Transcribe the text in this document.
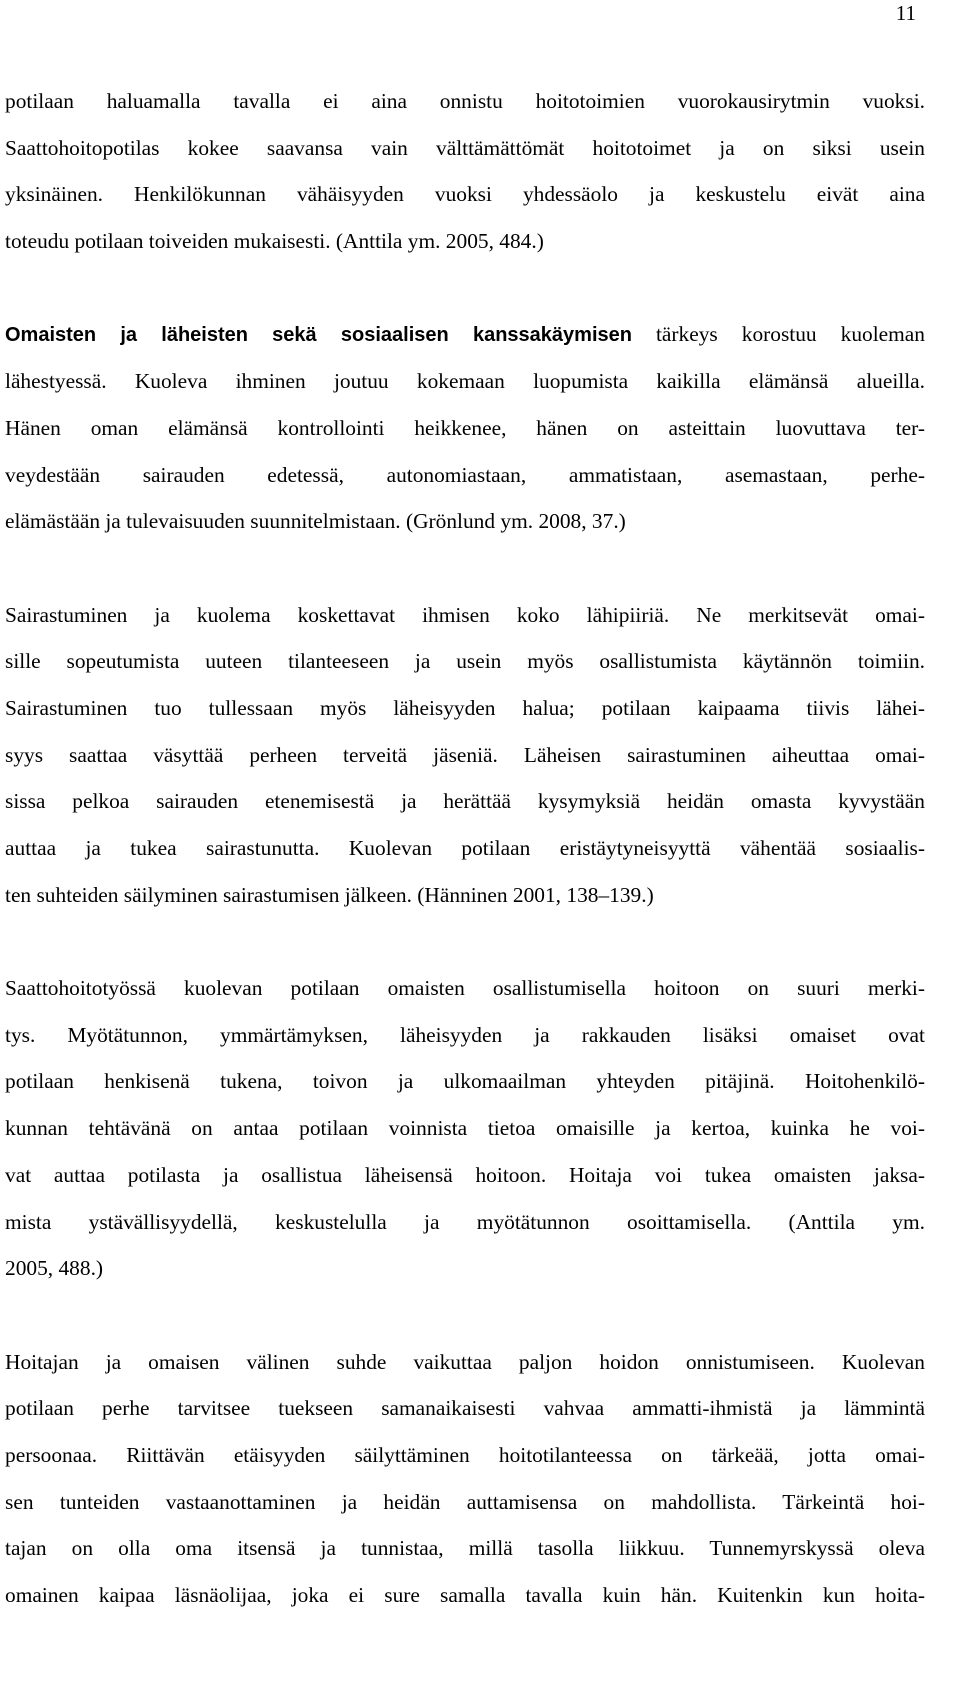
11
potilaan haluamalla tavalla ei aina onnistu hoitotoimien vuorokausirytmin vuoksi.
Saattohoitopotilas kokee saavansa vain välttämättömät hoitotoimet ja on siksi usein
yksinäinen. Henkilökunnan vähäisyyden vuoksi yhdessäolo ja keskustelu eivät aina
toteudu potilaan toiveiden mukaisesti. (Anttila ym. 2005, 484.)
Omaisten ja läheisten sekä sosiaalisen kanssakäymisen tärkeys korostuu kuoleman
lähestyessä. Kuoleva ihminen joutuu kokemaan luopumista kaikilla elämänsä alueilla.
Hänen oman elämänsä kontrollointi heikkenee, hänen on asteittain luovuttava ter-
veydestään sairauden edetessä, autonomiastaan, ammatistaan, asemastaan, perhe-
elämästään ja tulevaisuuden suunnitelmistaan. (Grönlund ym. 2008, 37.)
Sairastuminen ja kuolema koskettavat ihmisen koko lähipiiriä. Ne merkitsevät omai-
sille sopeutumista uuteen tilanteeseen ja usein myös osallistumista käytännön toimiin.
Sairastuminen tuo tullessaan myös läheisyyden halua; potilaan kaipaama tiivis lähei-
syys saattaa väsyttää perheen terveitä jäseniä. Läheisen sairastuminen aiheuttaa omai-
sissa pelkoa sairauden etenemisestä ja herättää kysymyksiä heidän omasta kyvystään
auttaa ja tukea sairastunutta. Kuolevan potilaan eristäytyneisyyttä vähentää sosiaalis-
ten suhteiden säilyminen sairastumisen jälkeen. (Hänninen 2001, 138–139.)
Saattohoitotyössä kuolevan potilaan omaisten osallistumisella hoitoon on suuri merki-
tys. Myötätunnon, ymmärtämyksen, läheisyyden ja rakkauden lisäksi omaiset ovat
potilaan henkisenä tukena, toivon ja ulkomaailman yhteyden pitäjinä. Hoitohenkilö-
kunnan tehtävänä on antaa potilaan voinnista tietoa omaisille ja kertoa, kuinka he voi-
vat auttaa potilasta ja osallistua läheisensä hoitoon. Hoitaja voi tukea omaisten jaksa-
mista ystävällisyydellä, keskustelulla ja myötätunnon osoittamisella. (Anttila ym.
2005, 488.)
Hoitajan ja omaisen välinen suhde vaikuttaa paljon hoidon onnistumiseen. Kuolevan
potilaan perhe tarvitsee tuekseen samanaikaisesti vahvaa ammatti-ihmistä ja lämmintä
persoonaa. Riittävän etäisyyden säilyttäminen hoitotilanteessa on tärkeää, jotta omai-
sen tunteiden vastaanottaminen ja heidän auttamisensa on mahdollista. Tärkeintä hoi-
tajan on olla oma itsensä ja tunnistaa, millä tasolla liikkuu. Tunnemyrskyssä oleva
omainen kaipaa läsnäolijaa, joka ei sure samalla tavalla kuin hän. Kuitenkin kun hoita-
